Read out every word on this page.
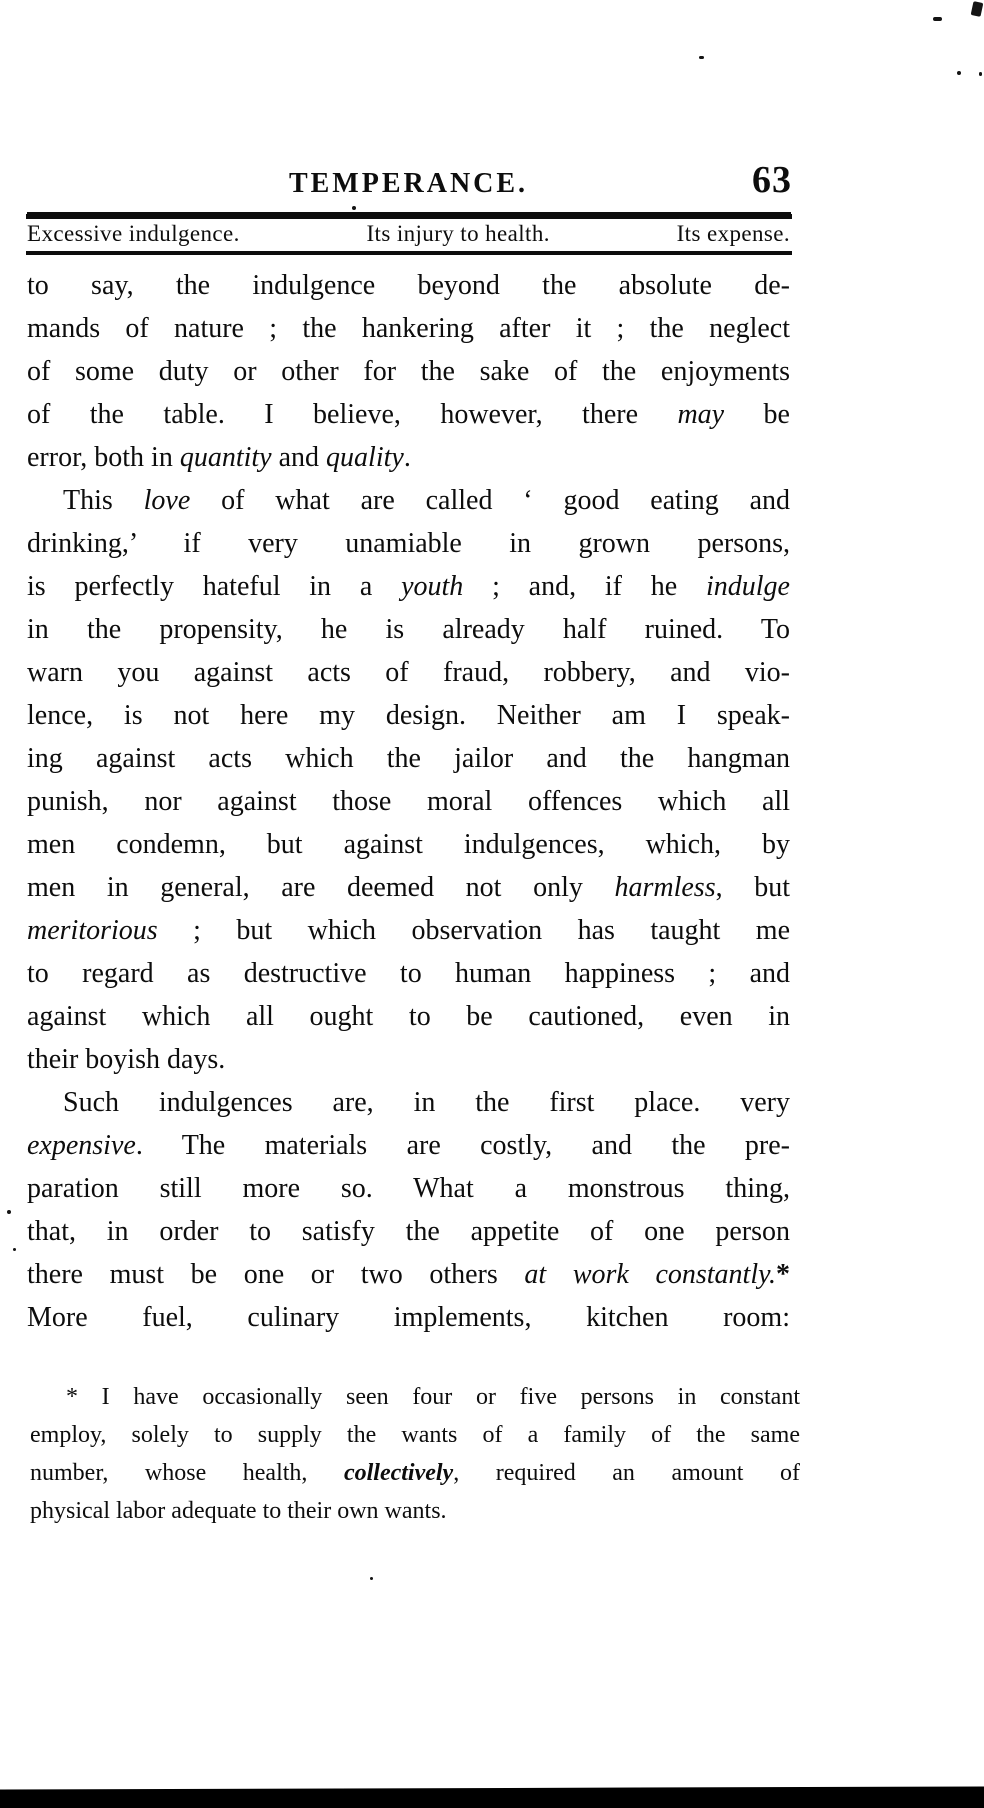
TEMPERANCE.	63
Excessive indulgence.	Its injury to health.	Its expense.
to say, the indulgence beyond the absolute de-
mands of nature ; the hankering after it ; the neglect
of some duty or other for the sake of the enjoyments
of the table. I believe, however, there may be
error, both in quantity and quality.
This love of what are called ‘ good eating and
drinking,’ if very unamiable in grown persons,
is perfectly hateful in a youth ; and, if he indulge
in the propensity, he is already half ruined. To
warn you against acts of fraud, robbery, and vio-
lence, is not here my design. Neither am I speak-
ing against acts which the jailor and the hangman
punish, nor against those moral offences which all
men condemn, but against indulgences, which, by
men in general, are deemed not only harmless, but
meritorious ; but which observation has taught me
to regard as destructive to human happiness ; and
against which all ought to be cautioned, even in
their boyish days.
Such indulgences are, in the first place. very
expensive. The materials are costly, and the pre-
paration still more so. What a monstrous thing,
that, in order to satisfy the appetite of one person
there must be one or two others at work constantly.*
More fuel, culinary implements, kitchen room:
* I have occasionally seen four or five persons in constant
employ, solely to supply the wants of a family of the same
number, whose health, collectively, required an amount of
physical labor adequate to their own wants.
